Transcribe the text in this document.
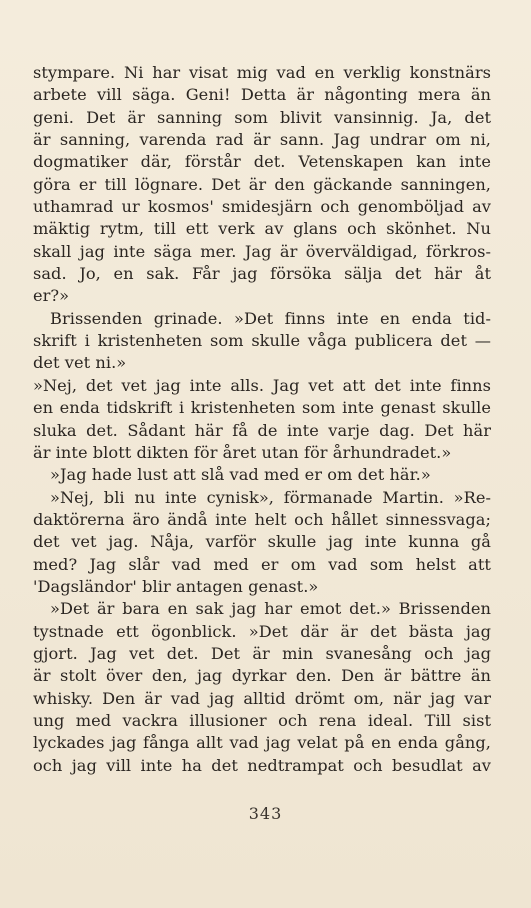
stympare. Ni har visat mig vad en verklig konstnärs
arbete vill säga. Geni! Detta är någonting mera än
geni. Det är sanning som blivit vansinnig. Ja, det
är sanning, varenda rad är sann. Jag undrar om ni,
dogmatiker där, förstår det. Vetenskapen kan inte
göra er till lögnare. Det är den gäckande sanningen,
uthamrad ur kosmos' smidesjärn och genomböljad av
mäktig rytm, till ett verk av glans och skönhet. Nu
skall jag inte säga mer. Jag är överväldigad, förkros-
sad. Jo, en sak. Får jag försöka sälja det här åt
er?»
Brissenden grinade. »Det finns inte en enda tid-
skrift i kristenheten som skulle våga publicera det —
det vet ni.»
»Nej, det vet jag inte alls. Jag vet att det inte finns
en enda tidskrift i kristenheten som inte genast skulle
sluka det. Sådant här få de inte varje dag. Det här
är inte blott dikten för året utan för århundradet.»
»Jag hade lust att slå vad med er om det här.»
»Nej, bli nu inte cynisk», förmanade Martin. »Re-
daktörerna äro ändå inte helt och hållet sinnessvaga;
det vet jag. Nåja, varför skulle jag inte kunna gå
med? Jag slår vad med er om vad som helst att
'Dagsländor' blir antagen genast.»
»Det är bara en sak jag har emot det.» Brissenden
tystnade ett ögonblick. »Det där är det bästa jag
gjort. Jag vet det. Det är min svanesång och jag
är stolt över den, jag dyrkar den. Den är bättre än
whisky. Den är vad jag alltid drömt om, när jag var
ung med vackra illusioner och rena ideal. Till sist
lyckades jag fånga allt vad jag velat på en enda gång,
och jag vill inte ha det nedtrampat och besudlat av
343
